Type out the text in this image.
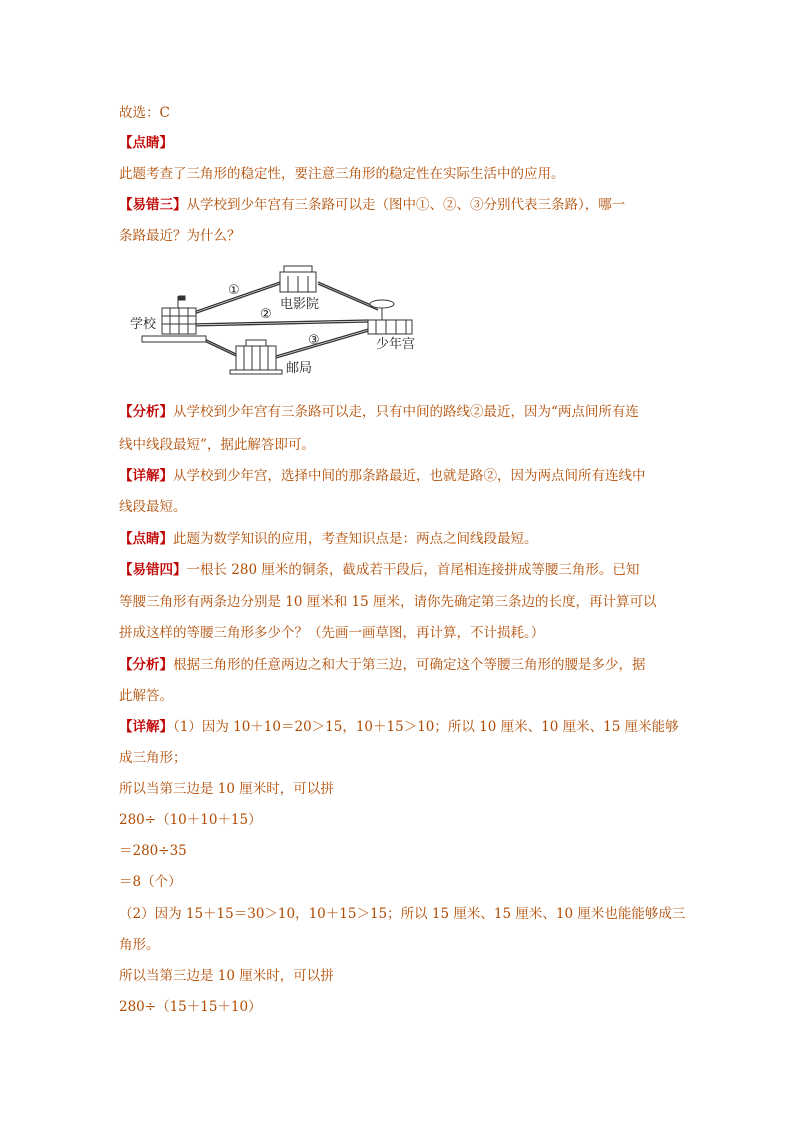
故选：C
【点睛】
此题考查了三角形的稳定性，要注意三角形的稳定性在实际生活中的应用。
【易错三】从学校到少年宫有三条路可以走（图中①、②、③分别代表三条路），哪一
条路最近？为什么？
学校
电影院
少年宫
邮局
①
②
③
【分析】从学校到少年宫有三条路可以走，只有中间的路线②最近，因为“两点间所有连
线中线段最短”，据此解答即可。
【详解】从学校到少年宫，选择中间的那条路最近，也就是路②，因为两点间所有连线中
线段最短。
【点睛】此题为数学知识的应用，考查知识点是：两点之间线段最短。
【易错四】一根长 280 厘米的铜条，截成若干段后，首尾相连接拼成等腰三角形。已知
等腰三角形有两条边分别是 10 厘米和 15 厘米，请你先确定第三条边的长度，再计算可以
拼成这样的等腰三角形多少个？（先画一画草图，再计算，不计损耗。）
【分析】根据三角形的任意两边之和大于第三边，可确定这个等腰三角形的腰是多少，据
此解答。
【详解】（1）因为 10＋10＝20＞15，10＋15＞10；所以 10 厘米、10 厘米、15 厘米能够
成三角形；
所以当第三边是 10 厘米时，可以拼
280÷（10＋10＋15）
＝280÷35
＝8（个）
（2）因为 15＋15＝30＞10，10＋15＞15；所以 15 厘米、15 厘米、10 厘米也能能够成三
角形。
所以当第三边是 10 厘米时，可以拼
280÷（15＋15＋10）
